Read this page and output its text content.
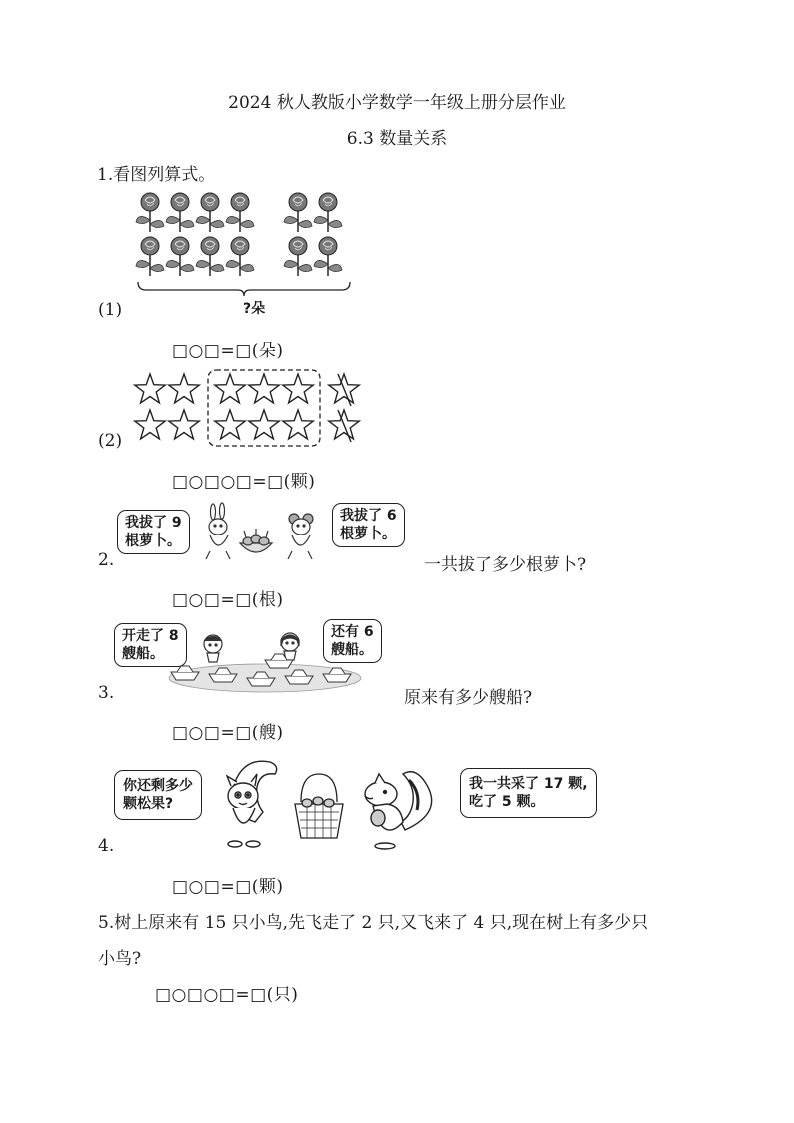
2024 秋人教版小学数学一年级上册分层作业
6.3 数量关系
1.看图列算式。
?朵
(1)
□○□=□(朵)
(2)
□○□○□=□(颗)
我拔了 9
根萝卜。
我拔了 6
根萝卜。
2.	一共拔了多少根萝卜?
□○□=□(根)
开走了 8
艘船。
还有 6
艘船。
3.	原来有多少艘船?
□○□=□(艘)
你还剩多少
颗松果?
我一共采了 17 颗,
吃了 5 颗。
4.
□○□=□(颗)
5.树上原来有 15 只小鸟,先飞走了 2 只,又飞来了 4 只,现在树上有多少只
小鸟?
□○□○□=□(只)
